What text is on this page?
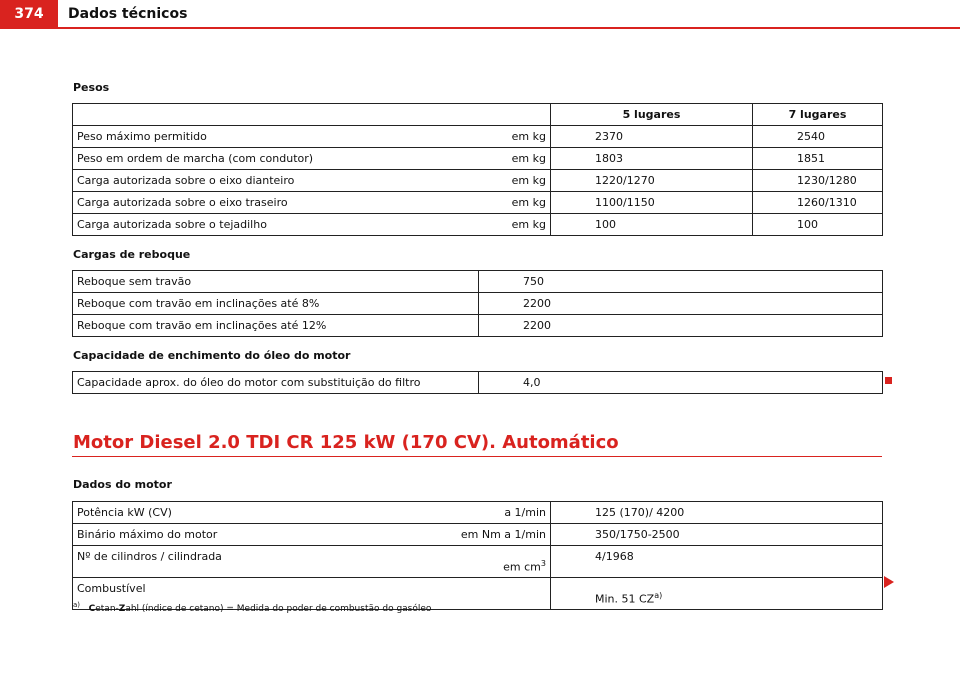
374	Dados técnicos
Pesos
		5 lugares	7 lugares
Peso máximo permitido	em kg	2370	2540
Peso em ordem de marcha (com condutor)	em kg	1803	1851
Carga autorizada sobre o eixo dianteiro	em kg	1220/1270	1230/1280
Carga autorizada sobre o eixo traseiro	em kg	1100/1150	1260/1310
Carga autorizada sobre o tejadilho	em kg	100	100
Cargas de reboque
Reboque sem travão	750
Reboque com travão em inclinações até 8%	2200
Reboque com travão em inclinações até 12%	2200
Capacidade de enchimento do óleo do motor
Capacidade aprox. do óleo do motor com substituição do filtro	4,0
Motor Diesel 2.0 TDI CR 125 kW (170 CV). Automático
Dados do motor
Potência kW (CV)	a 1/min	125 (170)/ 4200
Binário máximo do motor	em Nm a 1/min	350/1750-2500
Nº de cilindros / cilindrada	em $cm^3$	4/1968
Combustível		Min. 51 CZ$^{a)}$
$^{a)}$ Cetan-Zahl (índice de cetano) = Medida do poder de combustão do gasóleo
